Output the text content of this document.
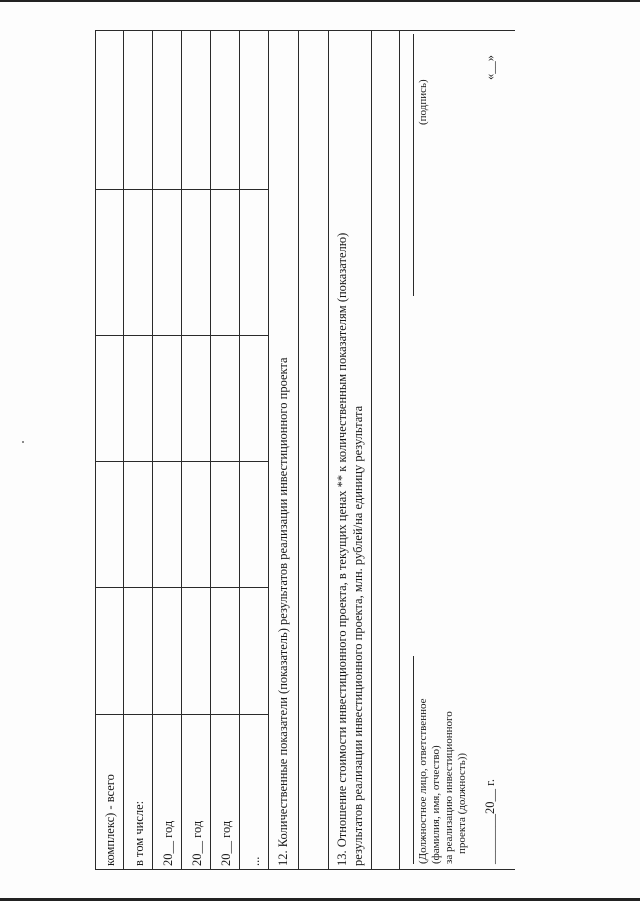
комплекс) - всего в том числе: 20__ год 20__ год 20__ год ... 12. Количественные показатели (показатель) результатов реализации инвестиционного проекта	13. Отношение стоимости инвестиционного проекта, в текущих ценах ** к количественным показателям (показателю) результатов реализации инвестиционного проекта, млн. рублей/на единицу результата	(Должностное лицо, ответственное (фамилия, имя, отчество) за реализацию инвестиционного проекта (должность))
(подпись)
________20__ г.
«__»
